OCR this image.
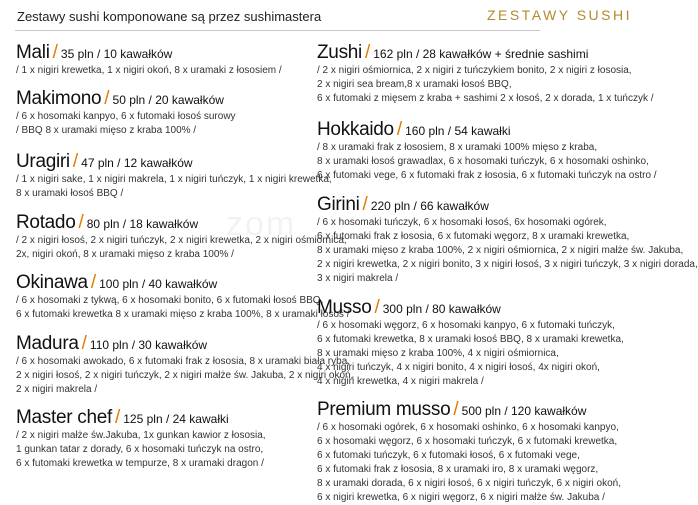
Zestawy sushi komponowane są przez sushimastera	ZESTAWY SUSHI
zom
Mali / 35 pln / 10 kawałków
/ 1 x nigiri krewetka, 1 x nigiri okoń, 8 x uramaki z łososiem /
Makimono / 50 pln / 20 kawałków
/ 6 x hosomaki kanpyo, 6 x futomaki łosoś surowy
/ BBQ 8 x uramaki mięso z kraba 100% /
Uragiri / 47 pln / 12 kawałków
/ 1 x nigiri sake, 1 x nigiri makrela, 1 x nigiri tuńczyk, 1 x nigiri krewetka,
8 x uramaki łosoś BBQ /
Rotado / 80 pln / 18 kawałków
/ 2 x nigiri łosoś, 2 x nigiri tuńczyk, 2 x nigiri krewetka, 2 x nigiri ośmiornica,
2x, nigiri okoń, 8 x uramaki mięso z kraba 100% /
Okinawa / 100 pln / 40 kawałków
/ 6 x hosomaki z tykwą, 6 x hosomaki bonito, 6 x futomaki łosoś BBQ,
6 x futomaki krewetka 8 x uramaki mięso z kraba 100%, 8 x uramaki łosoś /
Madura / 110 pln / 30 kawałków
/ 6 x hosomaki awokado, 6 x futomaki frak z łososia, 8 x uramaki biała ryba,
2 x nigiri łosoś, 2 x nigiri tuńczyk, 2 x nigiri małże św. Jakuba, 2 x nigiri okoń,
2 x nigiri makrela /
Master chef / 125 pln / 24 kawałki
/ 2 x nigiri małże św.Jakuba, 1x gunkan kawior z łososia,
1 gunkan tatar z dorady, 6 x hosomaki tuńczyk na ostro,
6 x futomaki krewetka w tempurze, 8 x uramaki dragon /
Zushi / 162 pln / 28 kawałków + średnie sashimi
/ 2 x nigiri ośmiornica, 2 x nigiri z tuńczykiem bonito, 2 x nigiri z łososia,
2 x nigiri sea bream,8 x uramaki łosoś BBQ,
6 x futomaki z mięsem z kraba + sashimi 2 x łosoś, 2 x dorada, 1 x tuńczyk /
Hokkaido / 160 pln / 54 kawałki
/ 8 x uramaki frak z łososiem, 8 x uramaki 100% mięso z kraba,
8 x uramaki łosoś grawadlax, 6 x hosomaki tuńczyk, 6 x hosomaki oshinko,
6 x futomaki vege, 6 x futomaki frak z łososia, 6 x futomaki tuńczyk na ostro /
Girini / 220 pln / 66 kawałków
/ 6 x hosomaki tuńczyk, 6 x hosomaki łosoś, 6x hosomaki ogórek,
6 x futomaki frak z łososia, 6 x futomaki węgorz, 8 x uramaki krewetka,
8 x uramaki mięso z kraba 100%, 2 x nigiri ośmiornica, 2 x nigiri małże św. Jakuba,
2 x nigiri krewetka, 2 x nigiri bonito, 3 x nigiri łosoś, 3 x nigiri tuńczyk, 3 x nigiri dorada,
3 x nigiri makrela /
Musso / 300 pln / 80 kawałków
/ 6 x hosomaki węgorz, 6 x hosomaki kanpyo, 6 x futomaki tuńczyk,
6 x futomaki krewetka, 8 x uramaki łosoś BBQ, 8 x uramaki krewetka,
8 x uramaki mięso z kraba 100%, 4 x nigiri ośmiornica,
4 x nigiri tuńczyk, 4 x nigiri bonito, 4 x nigiri łosoś, 4x nigiri okoń,
4 x nigiri krewetka, 4 x nigiri makrela /
Premium musso / 500 pln / 120 kawałków
/ 6 x hosomaki ogórek, 6 x hosomaki oshinko, 6 x hosomaki kanpyo,
6 x hosomaki węgorz, 6 x hosomaki tuńczyk, 6 x futomaki krewetka,
6 x futomaki tuńczyk, 6 x futomaki łosoś, 6 x futomaki vege,
6 x futomaki frak z łososia, 8 x uramaki iro, 8 x uramaki węgorz,
8 x uramaki dorada, 6 x nigiri łosoś, 6 x nigiri tuńczyk, 6 x nigiri okoń,
6 x nigiri krewetka, 6 x nigiri węgorz, 6 x nigiri małże św. Jakuba /
